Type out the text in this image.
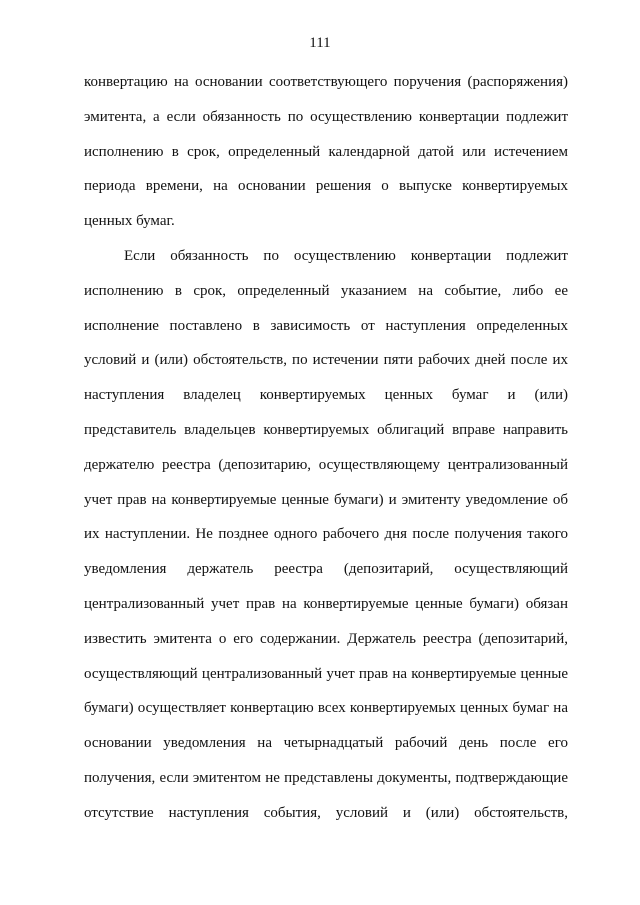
111
конвертацию на основании соответствующего поручения (распоряжения)
эмитента, а если обязанность по осуществлению конвертации подлежит
исполнению в срок, определенный календарной датой или истечением
периода времени, на основании решения о выпуске конвертируемых
ценных бумаг.
Если обязанность по осуществлению конвертации подлежит
исполнению в срок, определенный указанием на событие, либо ее
исполнение поставлено в зависимость от наступления определенных
условий и (или) обстоятельств, по истечении пяти рабочих дней после их
наступления владелец конвертируемых ценных бумаг и (или)
представитель владельцев конвертируемых облигаций вправе направить
держателю реестра (депозитарию, осуществляющему централизованный
учет прав на конвертируемые ценные бумаги) и эмитенту уведомление об
их наступлении. Не позднее одного рабочего дня после получения такого
уведомления держатель реестра (депозитарий, осуществляющий
централизованный учет прав на конвертируемые ценные бумаги) обязан
известить эмитента о его содержании. Держатель реестра (депозитарий,
осуществляющий централизованный учет прав на конвертируемые ценные
бумаги) осуществляет конвертацию всех конвертируемых ценных бумаг на
основании уведомления на четырнадцатый рабочий день после его
получения, если эмитентом не представлены документы, подтверждающие
отсутствие наступления события, условий и (или) обстоятельств,
